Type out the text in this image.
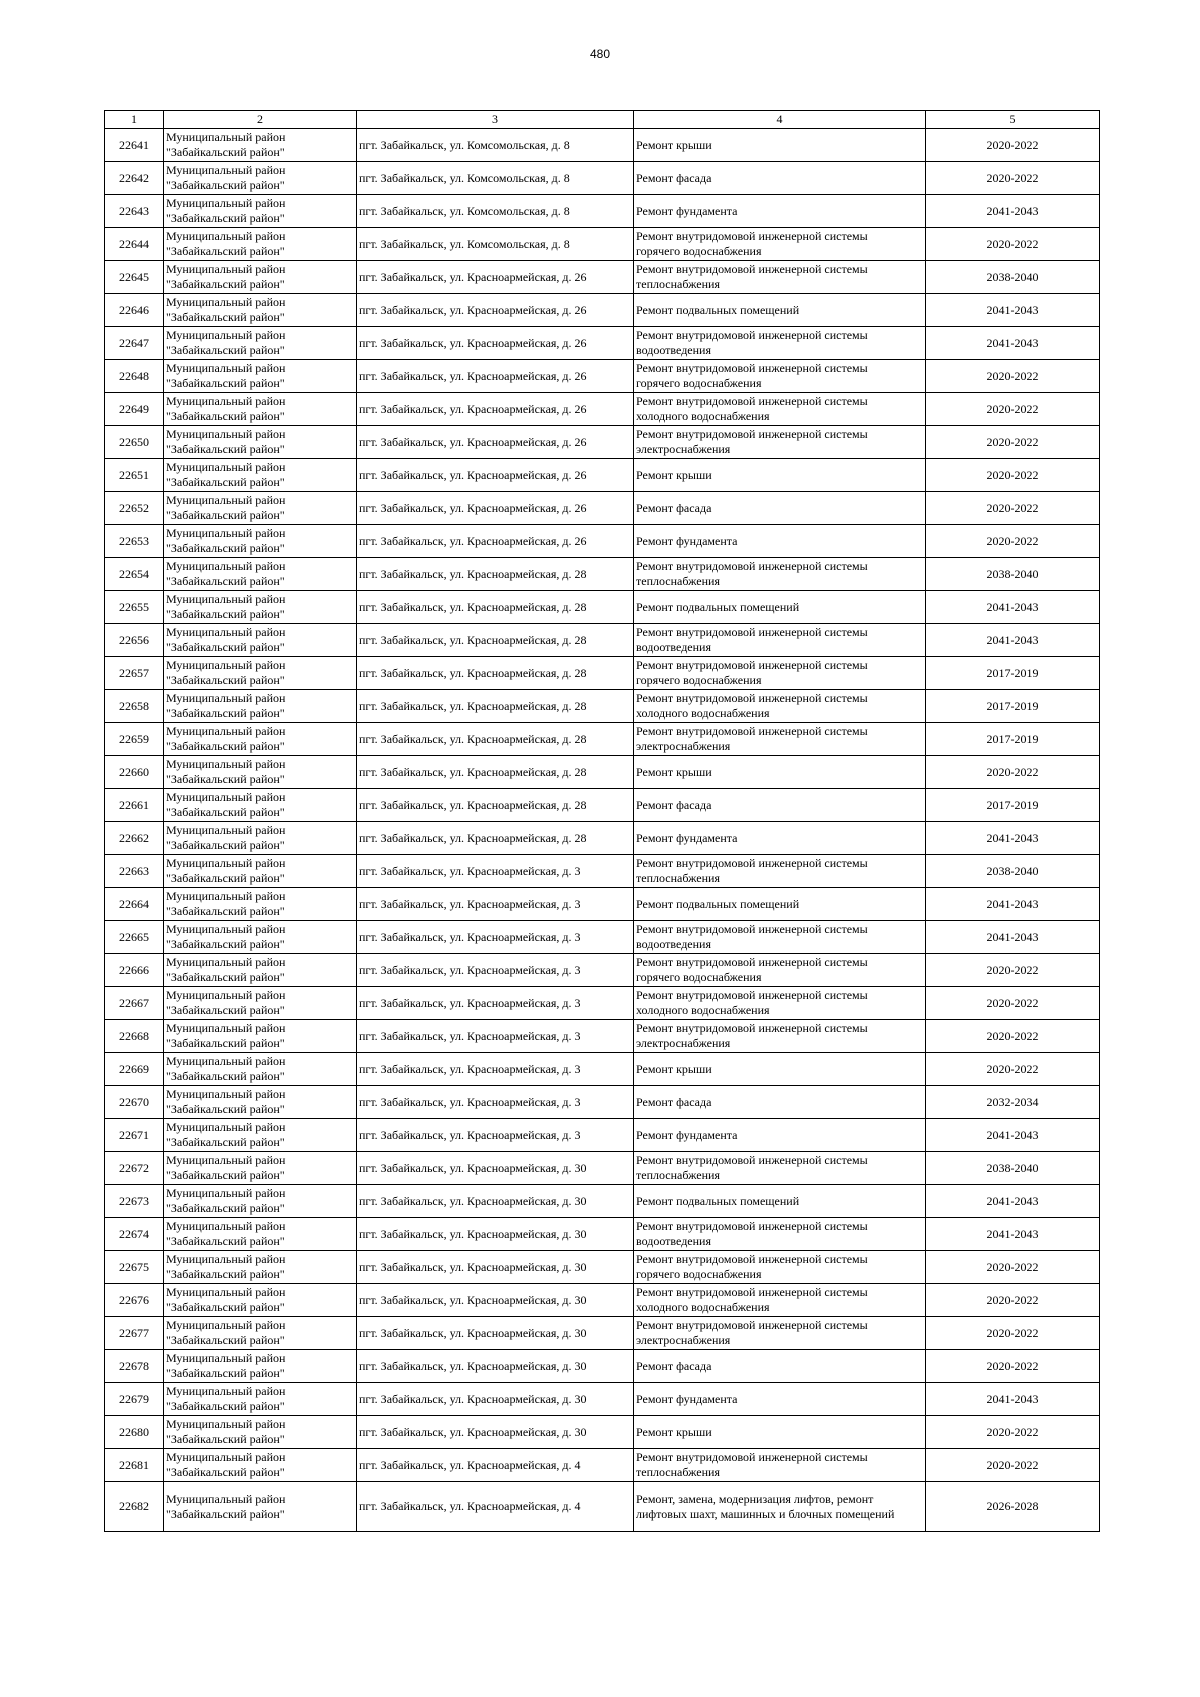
480
1	2	3	4	5

22641	Муниципальный район
"Забайкальский район"	пгт. Забайкальск, ул. Комсомольская, д. 8	Ремонт крыши	2020-2022

22642	Муниципальный район
"Забайкальский район"	пгт. Забайкальск, ул. Комсомольская, д. 8	Ремонт фасада	2020-2022

22643	Муниципальный район
"Забайкальский район"	пгт. Забайкальск, ул. Комсомольская, д. 8	Ремонт фундамента	2041-2043

22644	Муниципальный район
"Забайкальский район"	пгт. Забайкальск, ул. Комсомольская, д. 8	Ремонт внутридомовой инженерной системы
горячего водоснабжения	2020-2022

22645	Муниципальный район
"Забайкальский район"	пгт. Забайкальск, ул. Красноармейская, д. 26	Ремонт внутридомовой инженерной системы
теплоснабжения	2038-2040

22646	Муниципальный район
"Забайкальский район"	пгт. Забайкальск, ул. Красноармейская, д. 26	Ремонт подвальных помещений	2041-2043

22647	Муниципальный район
"Забайкальский район"	пгт. Забайкальск, ул. Красноармейская, д. 26	Ремонт внутридомовой инженерной системы
водоотведения	2041-2043

22648	Муниципальный район
"Забайкальский район"	пгт. Забайкальск, ул. Красноармейская, д. 26	Ремонт внутридомовой инженерной системы
горячего водоснабжения	2020-2022

22649	Муниципальный район
"Забайкальский район"	пгт. Забайкальск, ул. Красноармейская, д. 26	Ремонт внутридомовой инженерной системы
холодного водоснабжения	2020-2022

22650	Муниципальный район
"Забайкальский район"	пгт. Забайкальск, ул. Красноармейская, д. 26	Ремонт внутридомовой инженерной системы
электроснабжения	2020-2022

22651	Муниципальный район
"Забайкальский район"	пгт. Забайкальск, ул. Красноармейская, д. 26	Ремонт крыши	2020-2022

22652	Муниципальный район
"Забайкальский район"	пгт. Забайкальск, ул. Красноармейская, д. 26	Ремонт фасада	2020-2022

22653	Муниципальный район
"Забайкальский район"	пгт. Забайкальск, ул. Красноармейская, д. 26	Ремонт фундамента	2020-2022

22654	Муниципальный район
"Забайкальский район"	пгт. Забайкальск, ул. Красноармейская, д. 28	Ремонт внутридомовой инженерной системы
теплоснабжения	2038-2040

22655	Муниципальный район
"Забайкальский район"	пгт. Забайкальск, ул. Красноармейская, д. 28	Ремонт подвальных помещений	2041-2043

22656	Муниципальный район
"Забайкальский район"	пгт. Забайкальск, ул. Красноармейская, д. 28	Ремонт внутридомовой инженерной системы
водоотведения	2041-2043

22657	Муниципальный район
"Забайкальский район"	пгт. Забайкальск, ул. Красноармейская, д. 28	Ремонт внутридомовой инженерной системы
горячего водоснабжения	2017-2019

22658	Муниципальный район
"Забайкальский район"	пгт. Забайкальск, ул. Красноармейская, д. 28	Ремонт внутридомовой инженерной системы
холодного водоснабжения	2017-2019

22659	Муниципальный район
"Забайкальский район"	пгт. Забайкальск, ул. Красноармейская, д. 28	Ремонт внутридомовой инженерной системы
электроснабжения	2017-2019

22660	Муниципальный район
"Забайкальский район"	пгт. Забайкальск, ул. Красноармейская, д. 28	Ремонт крыши	2020-2022

22661	Муниципальный район
"Забайкальский район"	пгт. Забайкальск, ул. Красноармейская, д. 28	Ремонт фасада	2017-2019

22662	Муниципальный район
"Забайкальский район"	пгт. Забайкальск, ул. Красноармейская, д. 28	Ремонт фундамента	2041-2043

22663	Муниципальный район
"Забайкальский район"	пгт. Забайкальск, ул. Красноармейская, д. 3	Ремонт внутридомовой инженерной системы
теплоснабжения	2038-2040

22664	Муниципальный район
"Забайкальский район"	пгт. Забайкальск, ул. Красноармейская, д. 3	Ремонт подвальных помещений	2041-2043

22665	Муниципальный район
"Забайкальский район"	пгт. Забайкальск, ул. Красноармейская, д. 3	Ремонт внутридомовой инженерной системы
водоотведения	2041-2043

22666	Муниципальный район
"Забайкальский район"	пгт. Забайкальск, ул. Красноармейская, д. 3	Ремонт внутридомовой инженерной системы
горячего водоснабжения	2020-2022

22667	Муниципальный район
"Забайкальский район"	пгт. Забайкальск, ул. Красноармейская, д. 3	Ремонт внутридомовой инженерной системы
холодного водоснабжения	2020-2022

22668	Муниципальный район
"Забайкальский район"	пгт. Забайкальск, ул. Красноармейская, д. 3	Ремонт внутридомовой инженерной системы
электроснабжения	2020-2022

22669	Муниципальный район
"Забайкальский район"	пгт. Забайкальск, ул. Красноармейская, д. 3	Ремонт крыши	2020-2022

22670	Муниципальный район
"Забайкальский район"	пгт. Забайкальск, ул. Красноармейская, д. 3	Ремонт фасада	2032-2034

22671	Муниципальный район
"Забайкальский район"	пгт. Забайкальск, ул. Красноармейская, д. 3	Ремонт фундамента	2041-2043

22672	Муниципальный район
"Забайкальский район"	пгт. Забайкальск, ул. Красноармейская, д. 30	Ремонт внутридомовой инженерной системы
теплоснабжения	2038-2040

22673	Муниципальный район
"Забайкальский район"	пгт. Забайкальск, ул. Красноармейская, д. 30	Ремонт подвальных помещений	2041-2043

22674	Муниципальный район
"Забайкальский район"	пгт. Забайкальск, ул. Красноармейская, д. 30	Ремонт внутридомовой инженерной системы
водоотведения	2041-2043

22675	Муниципальный район
"Забайкальский район"	пгт. Забайкальск, ул. Красноармейская, д. 30	Ремонт внутридомовой инженерной системы
горячего водоснабжения	2020-2022

22676	Муниципальный район
"Забайкальский район"	пгт. Забайкальск, ул. Красноармейская, д. 30	Ремонт внутридомовой инженерной системы
холодного водоснабжения	2020-2022

22677	Муниципальный район
"Забайкальский район"	пгт. Забайкальск, ул. Красноармейская, д. 30	Ремонт внутридомовой инженерной системы
электроснабжения	2020-2022

22678	Муниципальный район
"Забайкальский район"	пгт. Забайкальск, ул. Красноармейская, д. 30	Ремонт фасада	2020-2022

22679	Муниципальный район
"Забайкальский район"	пгт. Забайкальск, ул. Красноармейская, д. 30	Ремонт фундамента	2041-2043

22680	Муниципальный район
"Забайкальский район"	пгт. Забайкальск, ул. Красноармейская, д. 30	Ремонт крыши	2020-2022

22681	Муниципальный район
"Забайкальский район"	пгт. Забайкальск, ул. Красноармейская, д. 4	Ремонт внутридомовой инженерной системы
теплоснабжения	2020-2022

22682	Муниципальный район
"Забайкальский район"	пгт. Забайкальск, ул. Красноармейская, д. 4	Ремонт, замена, модернизация лифтов, ремонт
лифтовых шахт, машинных и блочных помещений	2026-2028
